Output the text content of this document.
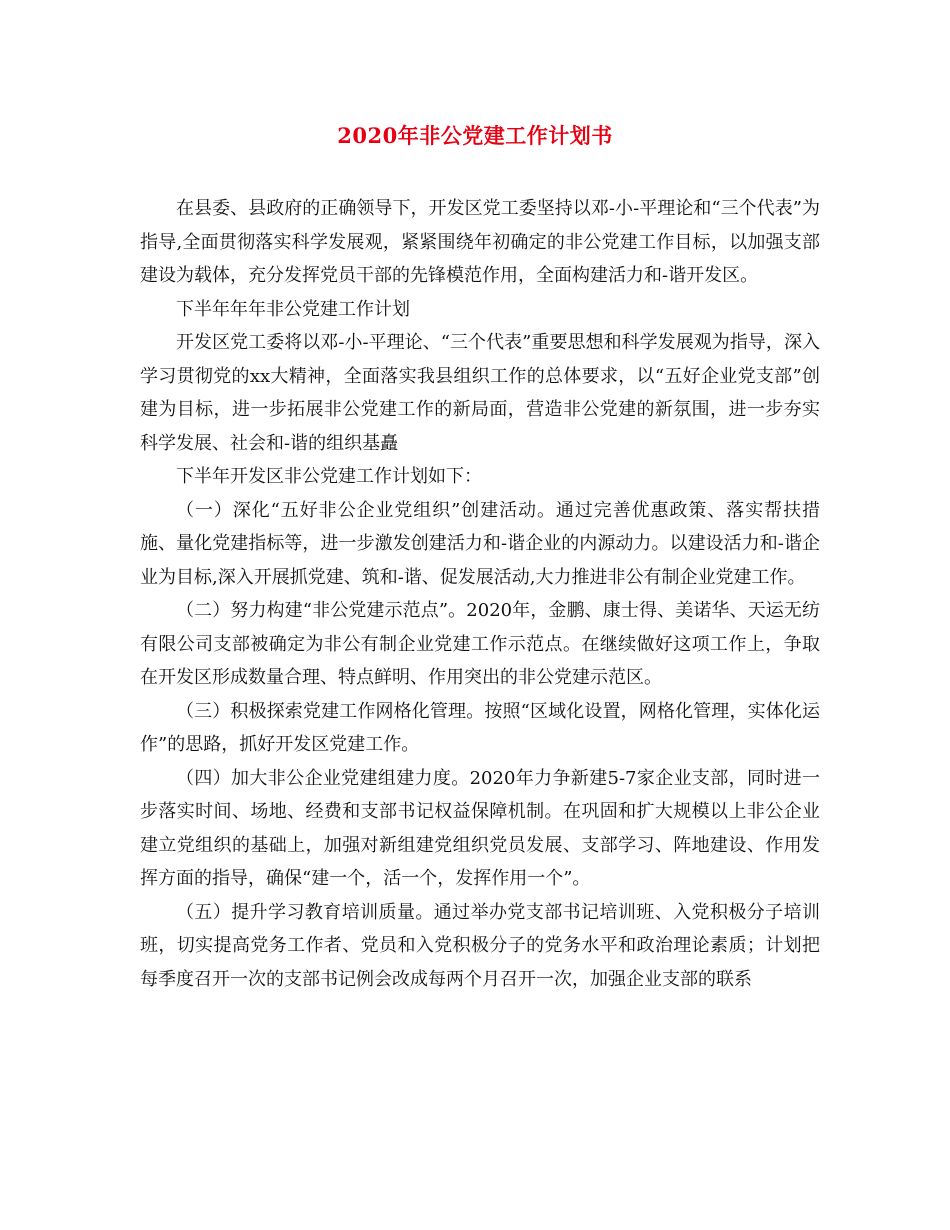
2020年非公党建工作计划书

在县委、县政府的正确领导下，开发区党工委坚持以邓-小-平理论和“三个代表”为指导,全面贯彻落实科学发展观，紧紧围绕年初确定的非公党建工作目标，以加强支部建设为载体，充分发挥党员干部的先锋模范作用，全面构建活力和-谐开发区。

下半年年年非公党建工作计划

开发区党工委将以邓-小-平理论、“三个代表”重要思想和科学发展观为指导，深入学习贯彻党的xx大精神，全面落实我县组织工作的总体要求，以“五好企业党支部”创建为目标，进一步拓展非公党建工作的新局面，营造非公党建的新氛围，进一步夯实科学发展、社会和-谐的组织基矗

下半年开发区非公党建工作计划如下：

（一）深化“五好非公企业党组织”创建活动。通过完善优惠政策、落实帮扶措施、量化党建指标等，进一步激发创建活力和-谐企业的内源动力。以建设活力和-谐企业为目标,深入开展抓党建、筑和-谐、促发展活动,大力推进非公有制企业党建工作。

（二）努力构建“非公党建示范点”。2020年，金鹏、康士得、美诺华、天运无纺有限公司支部被确定为非公有制企业党建工作示范点。在继续做好这项工作上，争取在开发区形成数量合理、特点鲜明、作用突出的非公党建示范区。

（三）积极探索党建工作网格化管理。按照“区域化设置，网格化管理，实体化运作”的思路，抓好开发区党建工作。

（四）加大非公企业党建组建力度。2020年力争新建5-7家企业支部，同时进一步落实时间、场地、经费和支部书记权益保障机制。在巩固和扩大规模以上非公企业建立党组织的基础上，加强对新组建党组织党员发展、支部学习、阵地建设、作用发挥方面的指导，确保“建一个，活一个，发挥作用一个”。

（五）提升学习教育培训质量。通过举办党支部书记培训班、入党积极分子培训班，切实提高党务工作者、党员和入党积极分子的党务水平和政治理论素质；计划把每季度召开一次的支部书记例会改成每两个月召开一次，加强企业支部的联系
